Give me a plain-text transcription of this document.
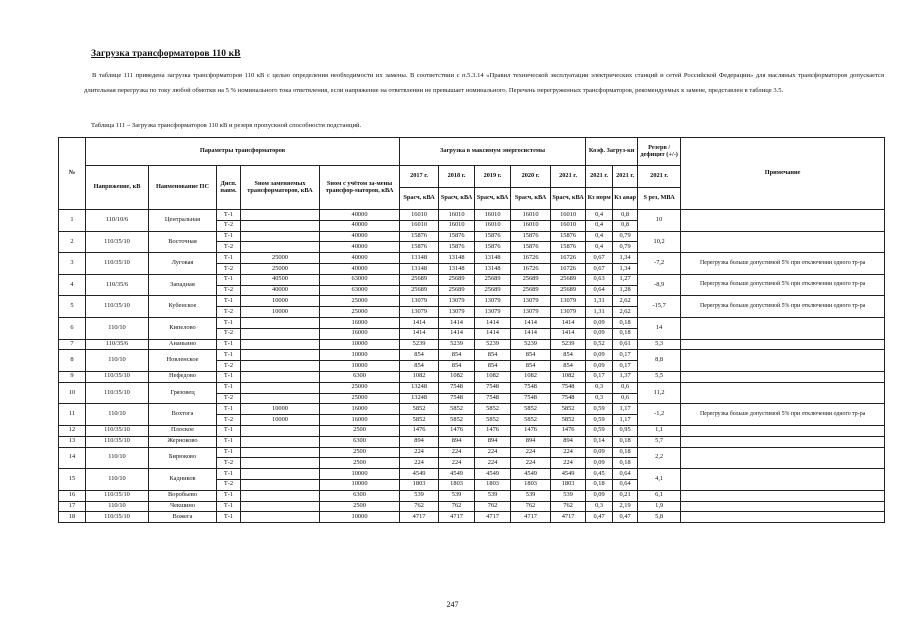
Загрузка трансформаторов 110 кВ
В таблице 111 приведена загрузка трансформаторов 110 кВ с целью определения необходимости их замены. В соответствии с п.5.3.14 «Правил технической эксплуатации электрических станций и сетей Российской Федерации» для масляных трансформаторов допускается длительная перегрузка по току любой обмотки на 5 % номинального тока ответвления, если напряжение на ответвлении не превышает номинального. Перечень перегруженных трансформаторов, рекомендуемых к замене, представлен в таблице 3.5.
Таблица 111 – Загрузка трансформаторов 110 кВ и резерв пропускной способности подстанций.
№	Параметры трансформаторов					Загрузка в максимум энергосистемы					Коэф. Загруз-ки		Резерв /дефицит (+/-)	Примечание
	Напряжение, кВ	Наименование ПС	Дисп. наим.	Sном заменяемых трансформаторов, кВА	Sном с учётом за-мены трансфор-маторов, кВА	2017 г.	2018 г.	2019 г.	2020 г.	2021 г.	2021 г.	2021 г.	2021 г.	
						Sрасч, кВА	Sрасч, кВА	Sрасч, кВА	Sрасч, кВА	Sрасч, кВА	Кз норм	Кз авар	S рез, МВА	
1	110/10/6	Центральная	Т-1		40000	16010	16010	16010	16010	16010	0,4	0,8	10	
			Т-2		40000	16010	16010	16010	16010	16010	0,4	0,8		
2	110/35/10	Восточная	Т-1		40000	15876	15876	15876	15876	15876	0,4	0,79	10,2	
			Т-2		40000	15876	15876	15876	15876	15876	0,4	0,79		
3	110/35/10	Луговая	Т-1	25000	40000	13148	13148	13148	16726	16726	0,67	1,34	-7,2	Перегрузка больше допустимой 5% при отключении одного тр-ра
			Т-2	25000	40000	13148	13148	13148	16726	16726	0,67	1,34		
4	110/35/6	Западная	Т-1	40500	63000	25689	25689	25689	25689	25689	0,63	1,27	-8,9	Перегрузка больше допустимой 5% при отключении одного тр-ра
			Т-2	40000	63000	25689	25689	25689	25689	25689	0,64	1,28		
5	110/35/10	Кубенское	Т-1	10000	25000	13079	13079	13079	13079	13079	1,31	2,62	-15,7	Перегрузка больше допустимой 5% при отключении одного тр-ра
			Т-2	10000	25000	13079	13079	13079	13079	13079	1,31	2,62		
6	110/10	Кипелово	Т-1		16000	1414	1414	1414	1414	1414	0,09	0,18	14	
			Т-2		16000	1414	1414	1414	1414	1414	0,09	0,18		
7	110/35/6	Ананьино	Т-1		10000	5239	5239	5239	5239	5239	0,52	0,61	5,3	
8	110/10	Новленское	Т-1		10000	854	854	854	854	854	0,09	0,17	8,8	
			Т-2		10000	854	854	854	854	854	0,09	0,17		
9	110/35/10	Нефедово	Т-1		6300	1082	1082	1082	1082	1082	0,17	1,37	5,5	
10	110/35/10	Грязовец	Т-1		25000	13248	7548	7548	7548	7548	0,3	0,6	11,2	
			Т-2		25000	13248	7548	7548	7548	7548	0,3	0,6		
11	110/10	Вохтога	Т-1	10000	16000	5852	5852	5852	5852	5852	0,59	1,17	-1,2	Перегрузка больше допустимой 5% при отключении одного тр-ра
			Т-2	10000	16000	5852	5852	5852	5852	5852	0,59	1,17		
12	110/35/10	Плоское	Т-1		2500	1476	1476	1476	1476	1476	0,59	0,95	1,1	
13	110/35/10	Жерноково	Т-1		6300	894	894	894	894	894	0,14	0,18	5,7	
14	110/10	Бирюково	Т-1		2500	224	224	224	224	224	0,09	0,18	2,2	
			Т-2		2500	224	224	224	224	224	0,09	0,18		
15	110/10	Кадников	Т-1		10000	4549	4549	4549	4549	4549	0,45	0,64	4,1	
			Т-2		10000	1803	1803	1803	1803	1803	0,18	0,64		
16	110/35/10	Воробьево	Т-1		6300	539	539	539	539	539	0,09	0,21	6,1	
17	110/10	Чекшино	Т-1		2500	762	762	762	762	762	0,3	2,19	1,9	
18	110/35/10	Вожега	Т-1		10000	4717	4717	4717	4717	4717	0,47	0,47	5,8	
247
